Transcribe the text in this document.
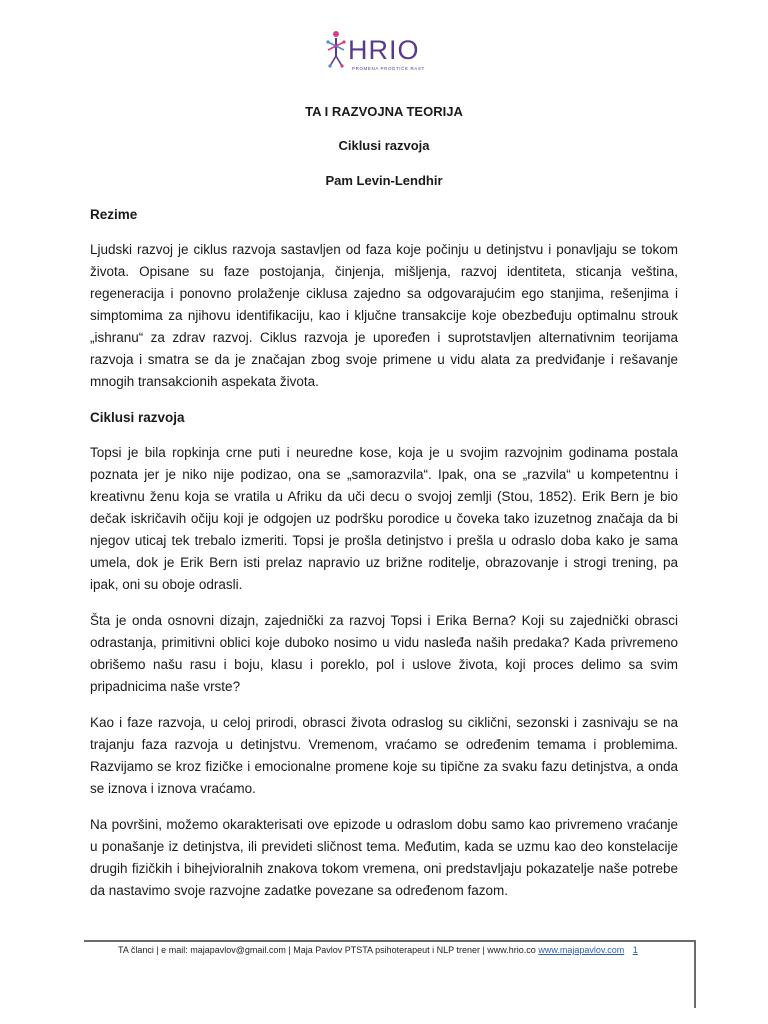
HRIO
PROMENA PRODTIČE RAST

TA I RAZVOJNA TEORIJA

Ciklusi razvoja

Pam Levin-Lendhir

Rezime

Ljudski razvoj je ciklus razvoja sastavljen od faza koje počinju u detinjstvu i ponavljaju se tokom života. Opisane su faze postojanja, činjenja, mišljenja, razvoj identiteta, sticanja veština, regeneracija i ponovno prolaženje ciklusa zajedno sa odgovarajućim ego stanjima, rešenjima i simptomima za njihovu identifikaciju, kao i ključne transakcije koje obezbeđuju optimalnu strouk „ishranu“ za zdrav razvoj. Ciklus razvoja je upoređen i suprotstavljen alternativnim teorijama razvoja i smatra se da je značajan zbog svoje primene u vidu alata za predviđanje i rešavanje mnogih transakcionih aspekata života.

Ciklusi razvoja

Topsi je bila ropkinja crne puti i neuredne kose, koja je u svojim razvojnim godinama postala poznata jer je niko nije podizao, ona se „samorazvila“. Ipak, ona se „razvila“ u kompetentnu i kreativnu ženu koja se vratila u Afriku da uči decu o svojoj zemlji (Stou, 1852). Erik Bern je bio dečak iskričavih očiju koji je odgojen uz podršku porodice u čoveka tako izuzetnog značaja da bi njegov uticaj tek trebalo izmeriti. Topsi je prošla detinjstvo i prešla u odraslo doba kako je sama umela, dok je Erik Bern isti prelaz napravio uz brižne roditelje, obrazovanje i strogi trening, pa ipak, oni su oboje odrasli.

Šta je onda osnovni dizajn, zajednički za razvoj Topsi i Erika Berna? Koji su zajednički obrasci odrastanja, primitivni oblici koje duboko nosimo u vidu nasleđa naših predaka? Kada privremeno obrišemo našu rasu i boju, klasu i poreklo, pol i uslove života, koji proces delimo sa svim pripadnicima naše vrste?

Kao i faze razvoja, u celoj prirodi, obrasci života odraslog su ciklični, sezonski i zasnivaju se na trajanju faza razvoja u detinjstvu. Vremenom, vraćamo se određenim temama i problemima. Razvijamo se kroz fizičke i emocionalne promene koje su tipične za svaku fazu detinjstva, a onda se iznova i iznova vraćamo.

Na površini, možemo okarakterisati ove epizode u odraslom dobu samo kao privremeno vraćanje u ponašanje iz detinjstva, ili prevideti sličnost tema. Međutim, kada se uzmu kao deo konstelacije drugih fizičkih i bihejvioralnih znakova tokom vremena, oni predstavljaju pokazatelje naše potrebe da nastavimo svoje razvojne zadatke povezane sa određenom fazom.

TA članci | e mail: majapavlov@gmail.com | Maja Pavlov PTSTA psihoterapeut i NLP trener | www.hrio.co www.majapavlov.com 1
